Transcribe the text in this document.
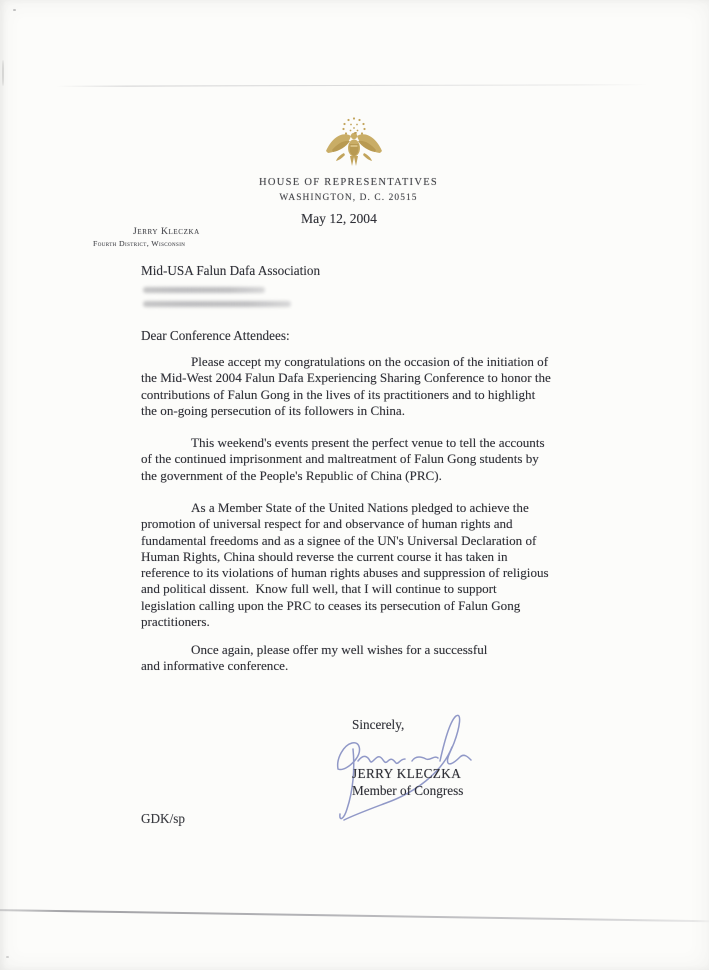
HOUSE OF REPRESENTATIVES
WASHINGTON, D. C. 20515
May 12, 2004
Jerry Kleczka
Fourth District, Wisconsin
Mid-USA Falun Dafa Association
Dear Conference Attendees:
Please accept my congratulations on the occasion of the initiation of
the Mid-West 2004 Falun Dafa Experiencing Sharing Conference to honor the
contributions of Falun Gong in the lives of its practitioners and to highlight
the on-going persecution of its followers in China.
This weekend's events present the perfect venue to tell the accounts
of the continued imprisonment and maltreatment of Falun Gong students by
the government of the People's Republic of China (PRC).
As a Member State of the United Nations pledged to achieve the
promotion of universal respect for and observance of human rights and
fundamental freedoms and as a signee of the UN's Universal Declaration of
Human Rights, China should reverse the current course it has taken in
reference to its violations of human rights abuses and suppression of religious
and political dissent.  Know full well, that I will continue to support
legislation calling upon the PRC to ceases its persecution of Falun Gong
practitioners.
Once again, please offer my well wishes for a successful
and informative conference.
Sincerely,
JERRY KLECZKA
Member of Congress
GDK/sp
